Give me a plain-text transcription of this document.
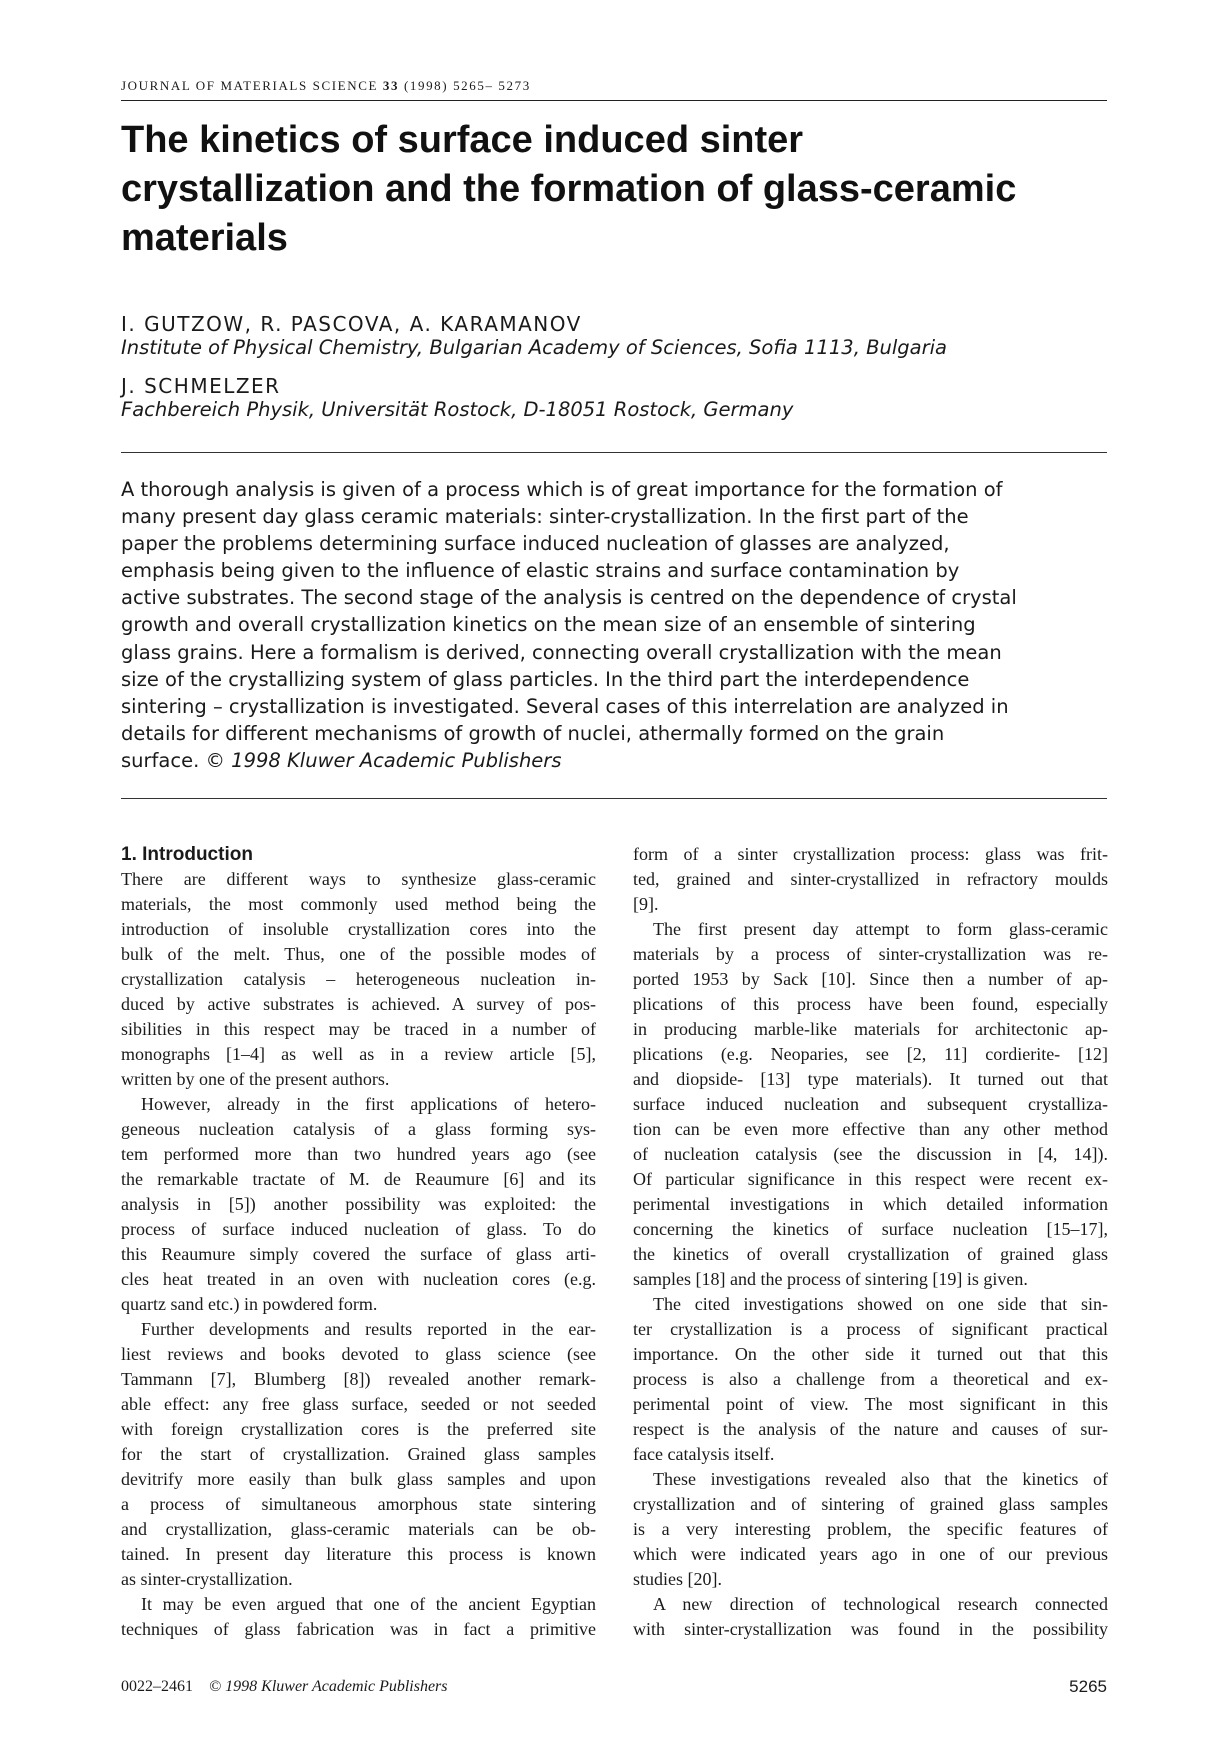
JOURNAL OF MATERIALS SCIENCE 33 (1998) 5265– 5273
The kinetics of surface induced sinter
crystallization and the formation of glass-ceramic
materials
I. GUTZOW, R. PASCOVA, A. KARAMANOV
Institute of Physical Chemistry, Bulgarian Academy of Sciences, Sofia 1113, Bulgaria
J. SCHMELZER
Fachbereich Physik, Universität Rostock, D-18051 Rostock, Germany
A thorough analysis is given of a process which is of great importance for the formation of
many present day glass ceramic materials: sinter-crystallization. In the first part of the
paper the problems determining surface induced nucleation of glasses are analyzed,
emphasis being given to the influence of elastic strains and surface contamination by
active substrates. The second stage of the analysis is centred on the dependence of crystal
growth and overall crystallization kinetics on the mean size of an ensemble of sintering
glass grains. Here a formalism is derived, connecting overall crystallization with the mean
size of the crystallizing system of glass particles. In the third part the interdependence
sintering – crystallization is investigated. Several cases of this interrelation are analyzed in
details for different mechanisms of growth of nuclei, athermally formed on the grain
surface. © 1998 Kluwer Academic Publishers
1. Introduction
There are different ways to synthesize glass-ceramic
materials, the most commonly used method being the
introduction of insoluble crystallization cores into the
bulk of the melt. Thus, one of the possible modes of
crystallization catalysis – heterogeneous nucleation in-
duced by active substrates is achieved. A survey of pos-
sibilities in this respect may be traced in a number of
monographs [1–4] as well as in a review article [5],
written by one of the present authors.
However, already in the first applications of hetero-
geneous nucleation catalysis of a glass forming sys-
tem performed more than two hundred years ago (see
the remarkable tractate of M. de Reaumure [6] and its
analysis in [5]) another possibility was exploited: the
process of surface induced nucleation of glass. To do
this Reaumure simply covered the surface of glass arti-
cles heat treated in an oven with nucleation cores (e.g.
quartz sand etc.) in powdered form.
Further developments and results reported in the ear-
liest reviews and books devoted to glass science (see
Tammann [7], Blumberg [8]) revealed another remark-
able effect: any free glass surface, seeded or not seeded
with foreign crystallization cores is the preferred site
for the start of crystallization. Grained glass samples
devitrify more easily than bulk glass samples and upon
a process of simultaneous amorphous state sintering
and crystallization, glass-ceramic materials can be ob-
tained. In present day literature this process is known
as sinter-crystallization.
It may be even argued that one of the ancient Egyptian
techniques of glass fabrication was in fact a primitive
form of a sinter crystallization process: glass was frit-
ted, grained and sinter-crystallized in refractory moulds
[9].
The first present day attempt to form glass-ceramic
materials by a process of sinter-crystallization was re-
ported 1953 by Sack [10]. Since then a number of ap-
plications of this process have been found, especially
in producing marble-like materials for architectonic ap-
plications (e.g. Neoparies, see [2, 11] cordierite- [12]
and diopside- [13] type materials). It turned out that
surface induced nucleation and subsequent crystalliza-
tion can be even more effective than any other method
of nucleation catalysis (see the discussion in [4, 14]).
Of particular significance in this respect were recent ex-
perimental investigations in which detailed information
concerning the kinetics of surface nucleation [15–17],
the kinetics of overall crystallization of grained glass
samples [18] and the process of sintering [19] is given.
The cited investigations showed on one side that sin-
ter crystallization is a process of significant practical
importance. On the other side it turned out that this
process is also a challenge from a theoretical and ex-
perimental point of view. The most significant in this
respect is the analysis of the nature and causes of sur-
face catalysis itself.
These investigations revealed also that the kinetics of
crystallization and of sintering of grained glass samples
is a very interesting problem, the specific features of
which were indicated years ago in one of our previous
studies [20].
A new direction of technological research connected
with sinter-crystallization was found in the possibility
0022–2461 © 1998 Kluwer Academic Publishers	5265
